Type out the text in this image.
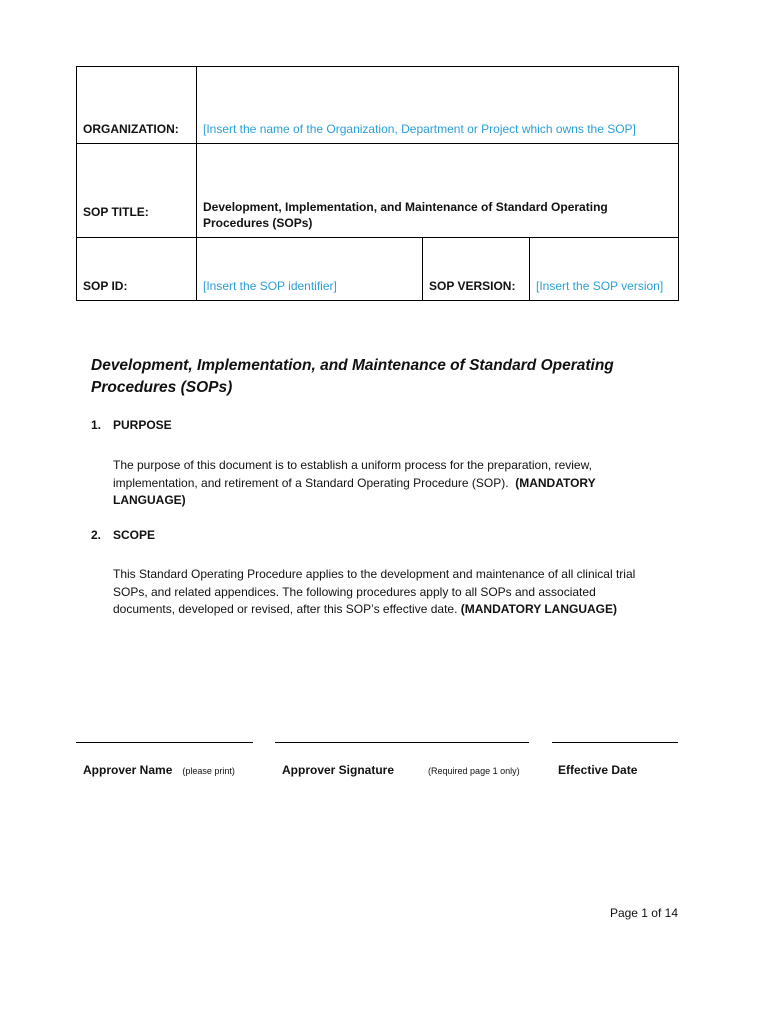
ORGANIZATION:	[Insert the name of the Organization, Department or Project which owns the SOP]		
SOP TITLE:	Development, Implementation, and Maintenance of Standard Operating Procedures (SOPs)		
SOP ID:	[Insert the SOP identifier]	SOP VERSION:	[Insert the SOP version]
Development, Implementation, and Maintenance of Standard Operating Procedures (SOPs)
1. PURPOSE
The purpose of this document is to establish a uniform process for the preparation, review, implementation, and retirement of a Standard Operating Procedure (SOP). (MANDATORY LANGUAGE)
2. SCOPE
This Standard Operating Procedure applies to the development and maintenance of all clinical trial SOPs, and related appendices. The following procedures apply to all SOPs and associated documents, developed or revised, after this SOP’s effective date. (MANDATORY LANGUAGE)
Approver Name (please print)	Approver Signature	(Required page 1 only)	Effective Date
Page 1 of 14
